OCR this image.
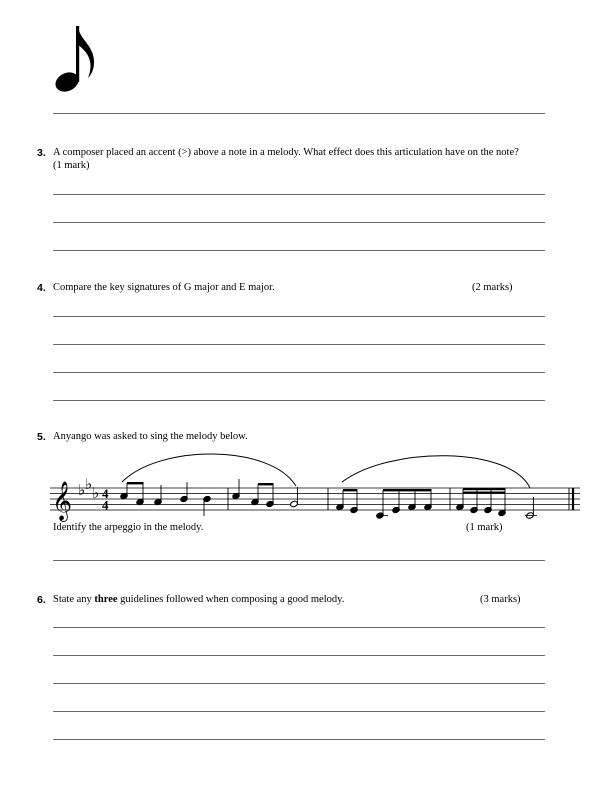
3. A composer placed an accent (>) above a note in a melody. What effect does this articulation have on the note?
(1 mark)
4. Compare the key signatures of G major and E major.	(2 marks)
5. Anyango was asked to sing the melody below.
𝄞 ♭ ♭
♭ 4
4
Identify the arpeggio in the melody.	(1 mark)
6. State any three guidelines followed when composing a good melody.	(3 marks)
